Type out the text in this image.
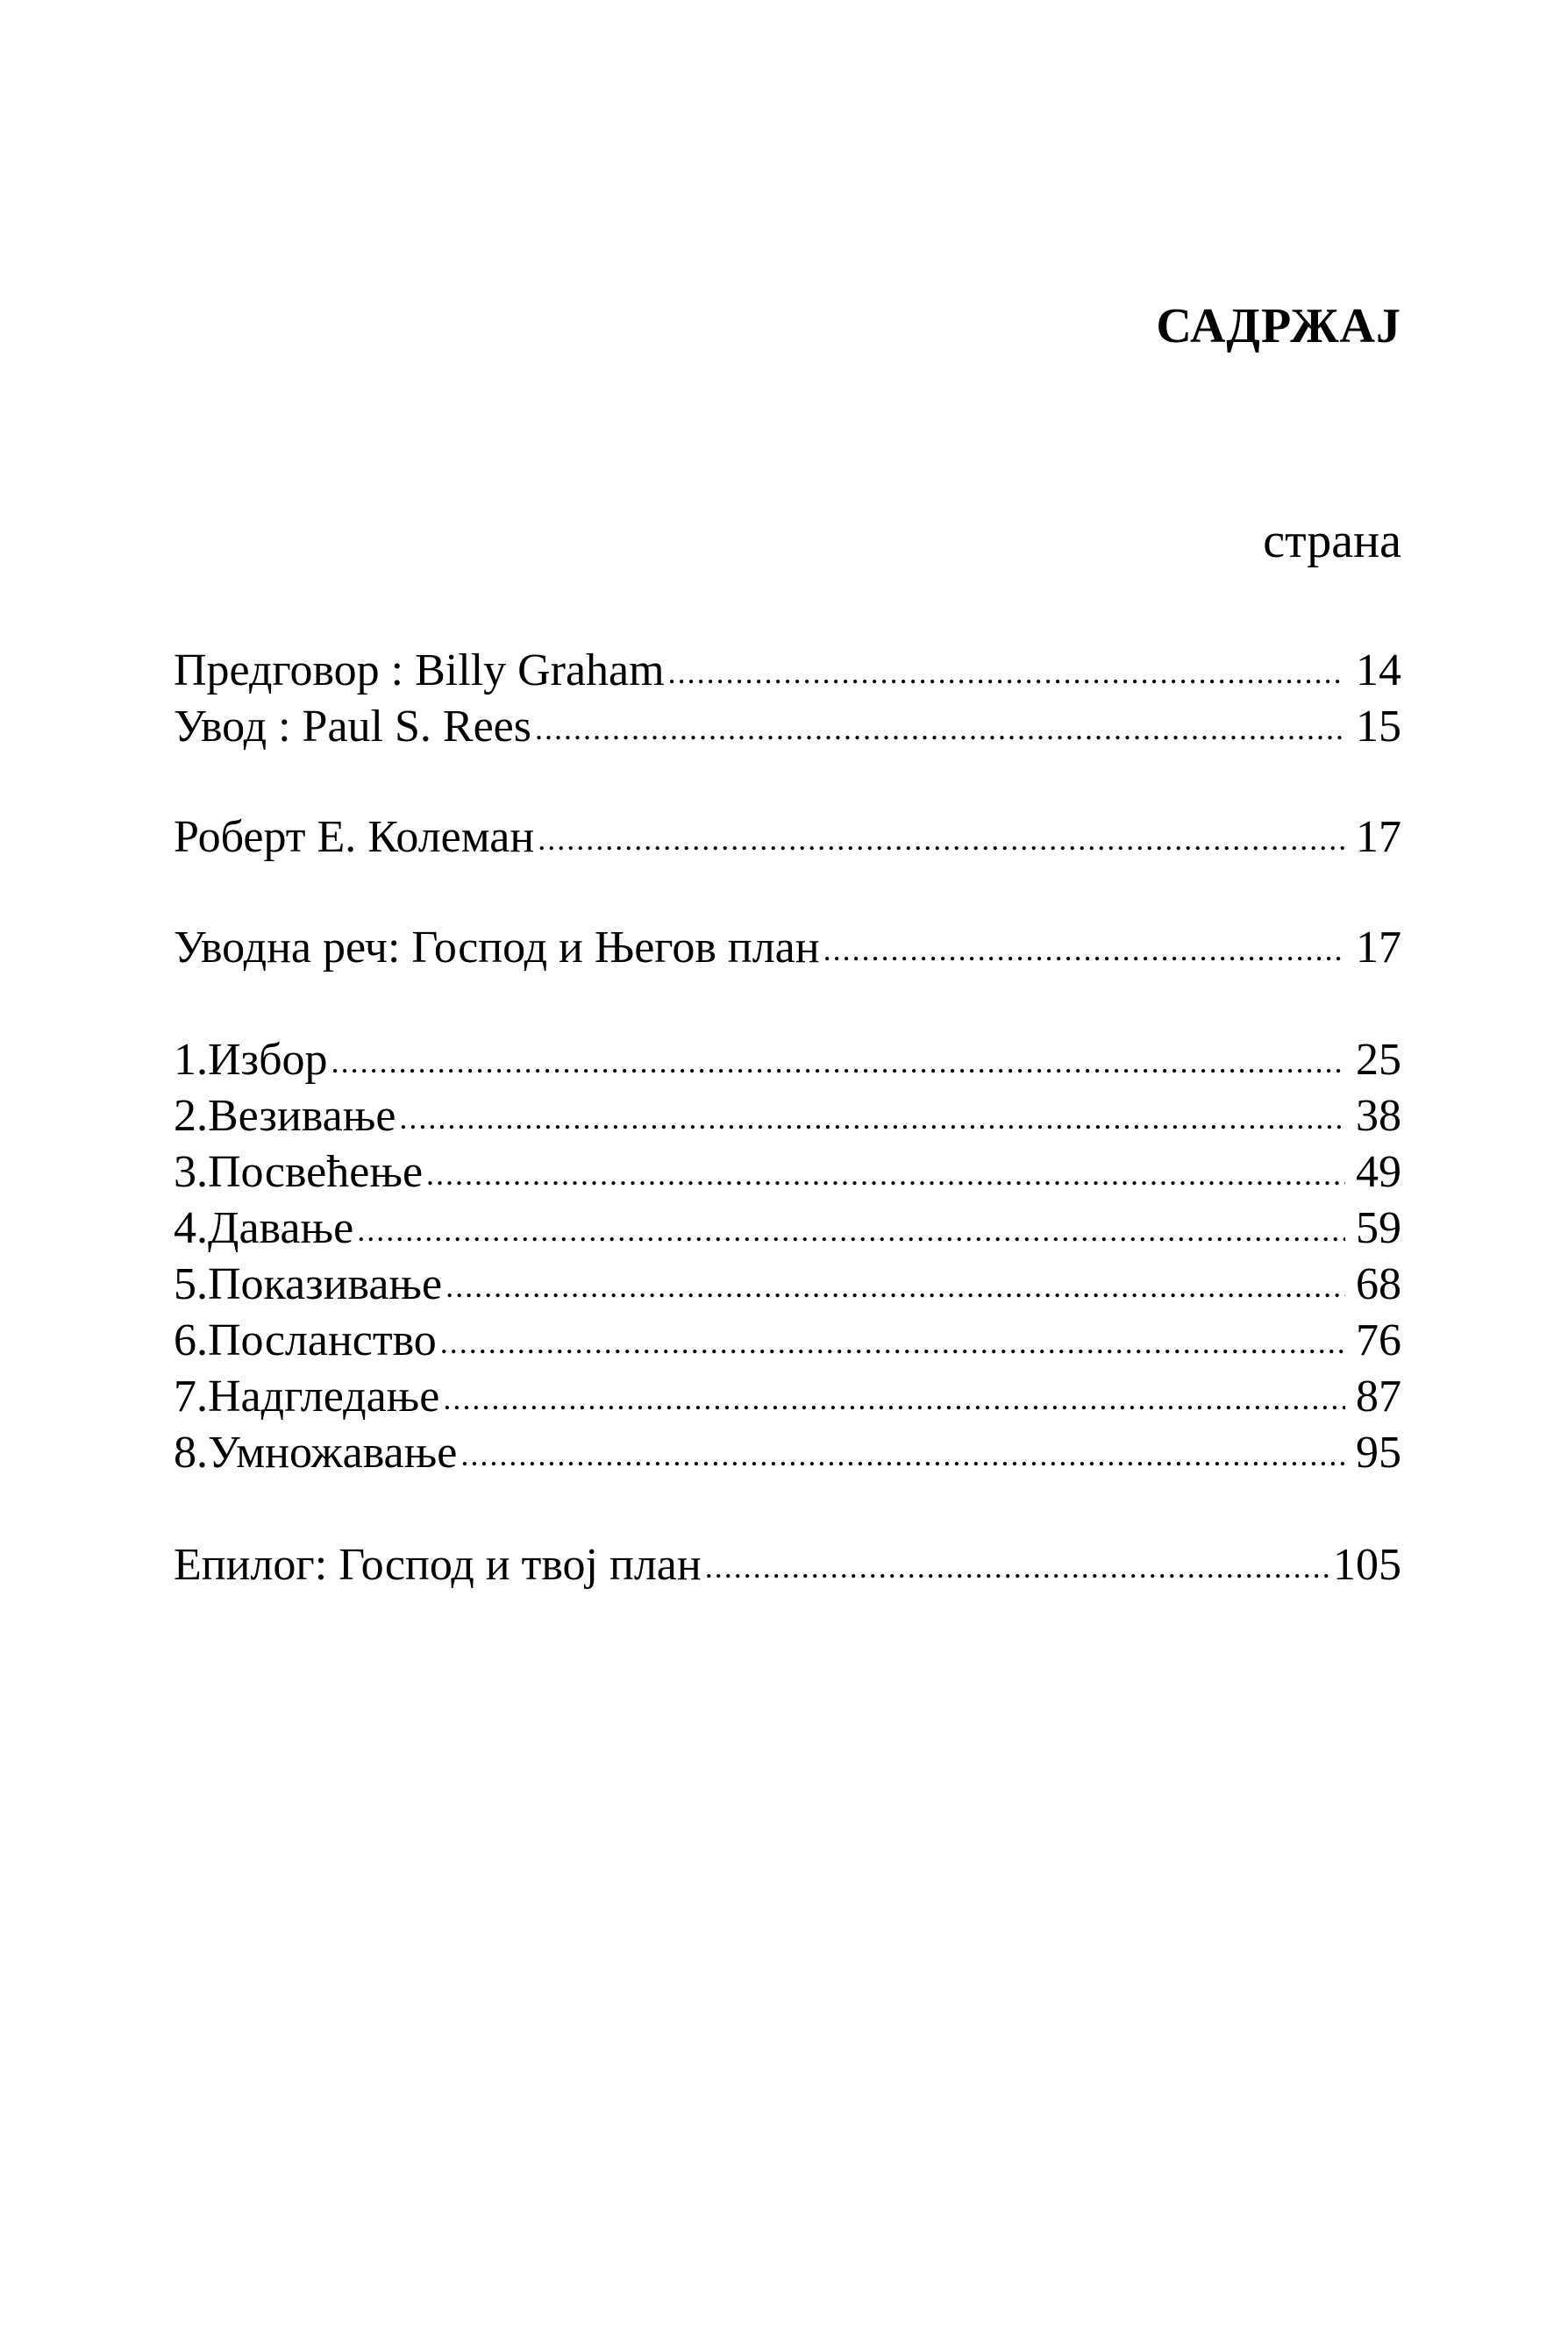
САДРЖАЈ
страна
Предговор : Billy Graham .....	14
Увод : Paul S. Rees .....	15
Роберт Е. Колеман .....	17
Уводна реч: Господ и Његов план .....	17
1.Избор .....	25
2.Везивање .....	38
3.Посвећење .....	49
4.Давање .....	59
5.Показивање .....	68
6.Посланство .....	76
7.Надгледање .....	87
8.Умножавање .....	95
Епилог: Господ и твој план .....	105
